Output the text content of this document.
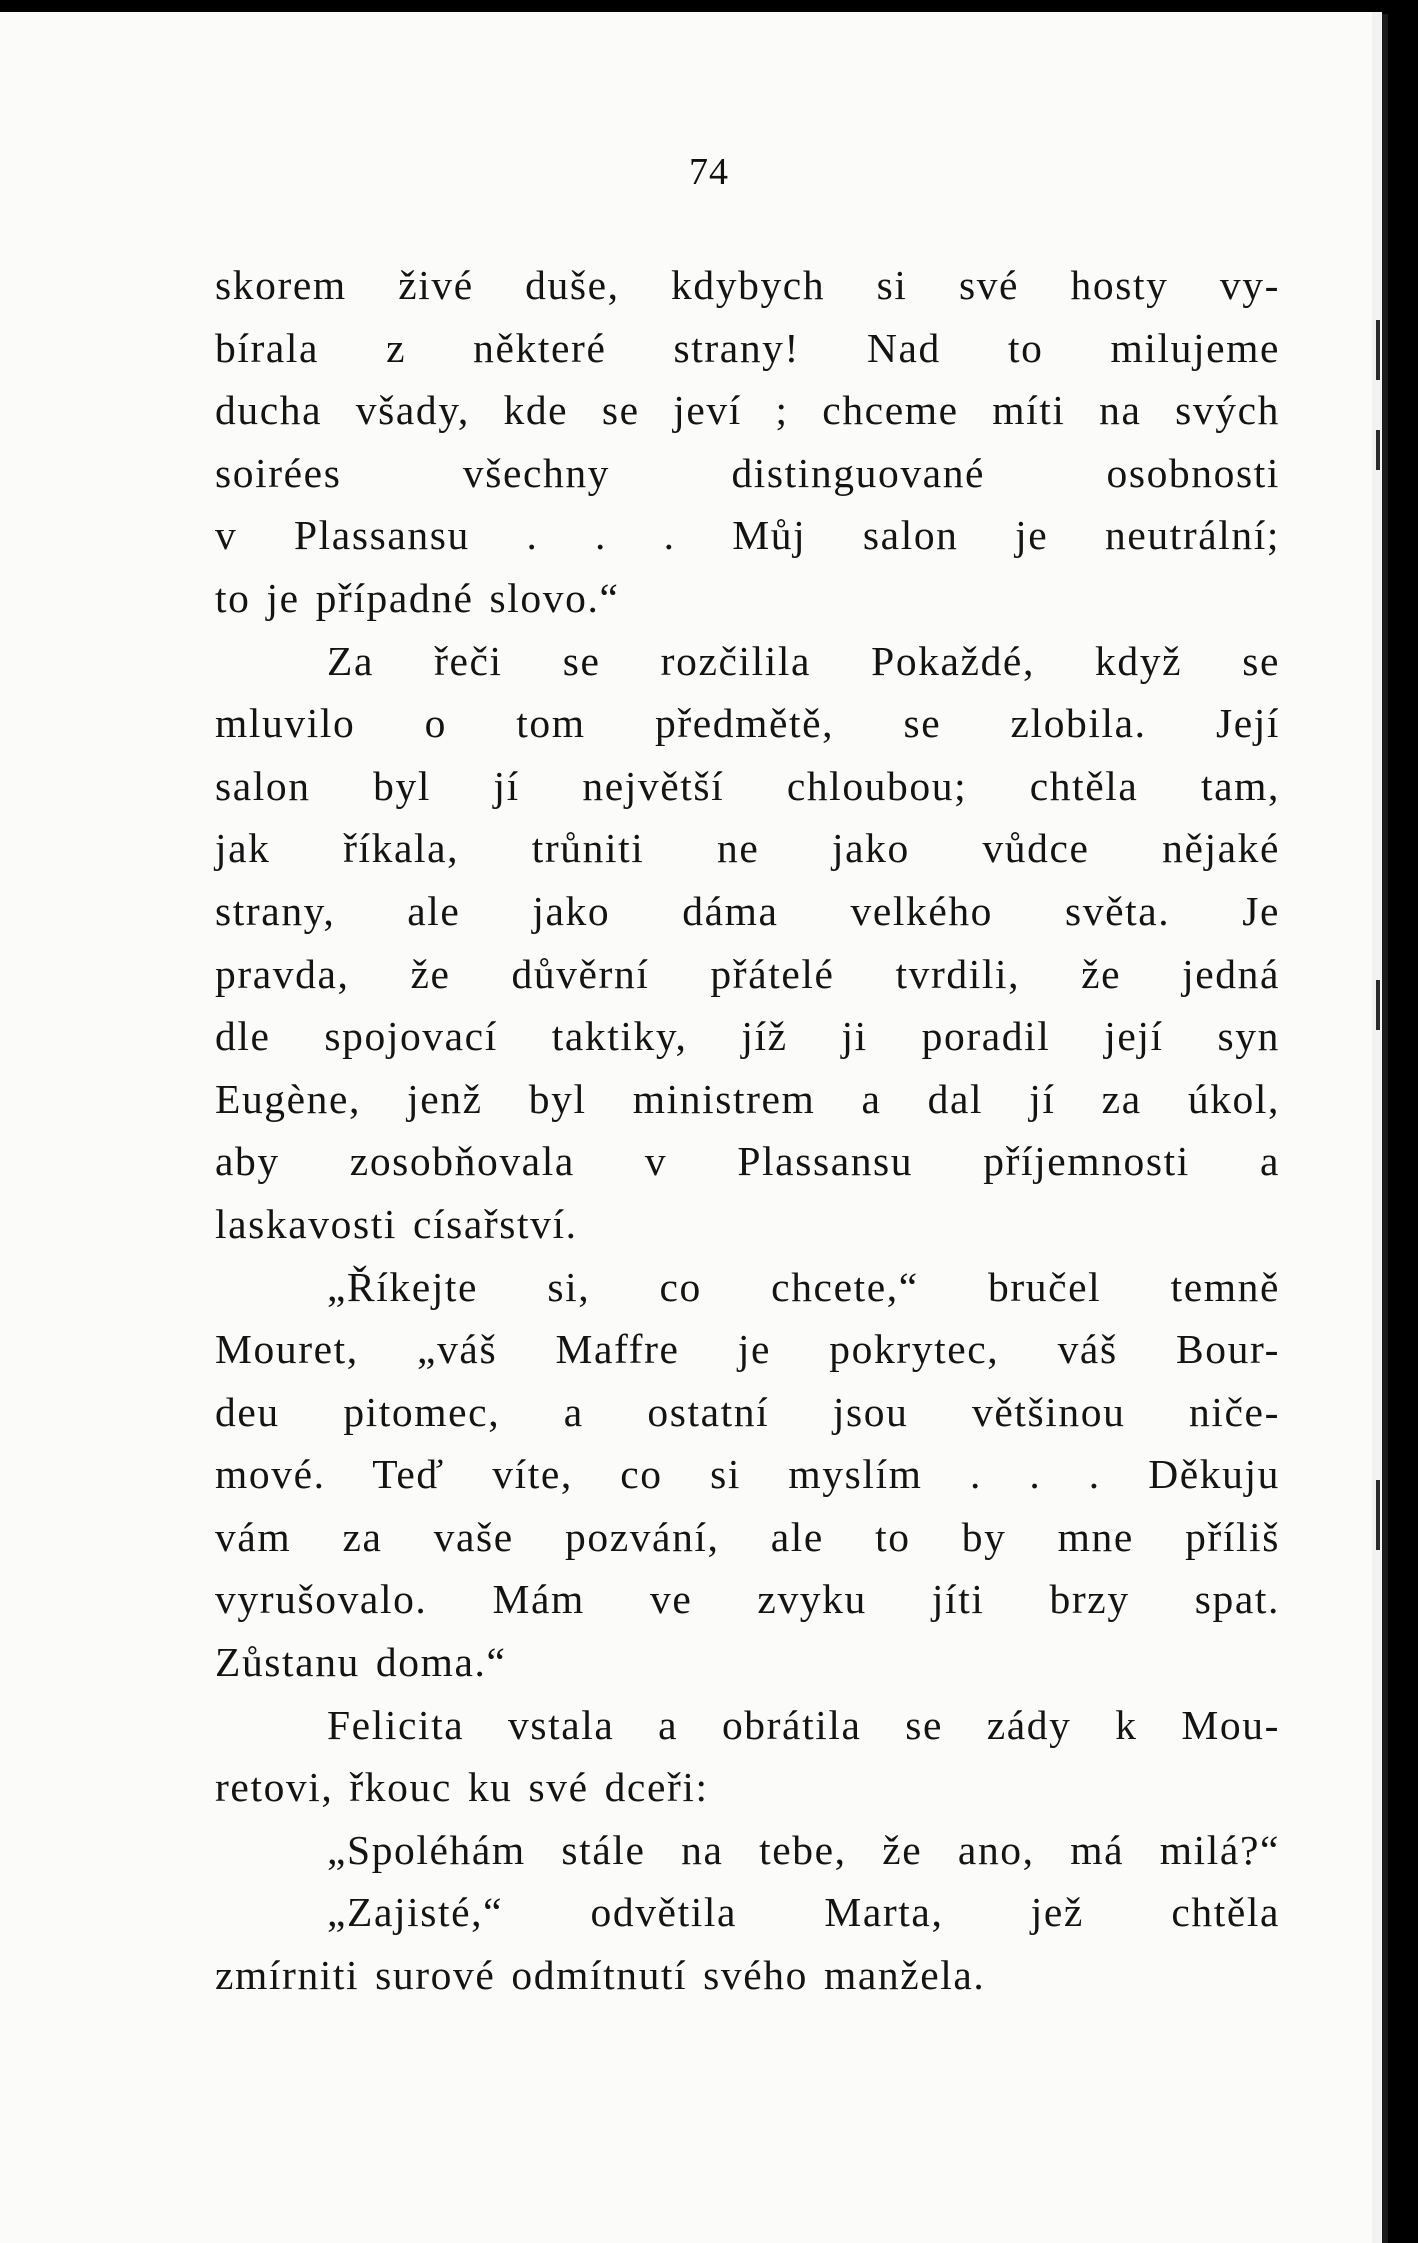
74
skorem živé duše, kdybych si své hosty vy-
bírala z některé strany! Nad to milujeme
ducha všady, kde se jeví ; chceme míti na svých
soirées všechny distinguované osobnosti
v Plassansu . . . Můj salon je neutrální;
to je případné slovo.“
Za řeči se rozčilila Pokaždé, když se
mluvilo o tom předmětě, se zlobila. Její
salon byl jí největší chloubou; chtěla tam,
jak říkala, trůniti ne jako vůdce nějaké
strany, ale jako dáma velkého světa. Je
pravda, že důvěrní přátelé tvrdili, že jedná
dle spojovací taktiky, jíž ji poradil její syn
Eugène, jenž byl ministrem a dal jí za úkol,
aby zosobňovala v Plassansu příjemnosti a
laskavosti císařství.
„Říkejte si, co chcete,“ bručel temně
Mouret, „váš Maffre je pokrytec, váš Bour-
deu pitomec, a ostatní jsou většinou niče-
mové. Teď víte, co si myslím . . . Děkuju
vám za vaše pozvání, ale to by mne příliš
vyrušovalo. Mám ve zvyku jíti brzy spat.
Zůstanu doma.“
Felicita vstala a obrátila se zády k Mou-
retovi, řkouc ku své dceři:
„Spoléhám stále na tebe, že ano, má milá?“
„Zajisté,“ odvětila Marta, jež chtěla
zmírniti surové odmítnutí svého manžela.
